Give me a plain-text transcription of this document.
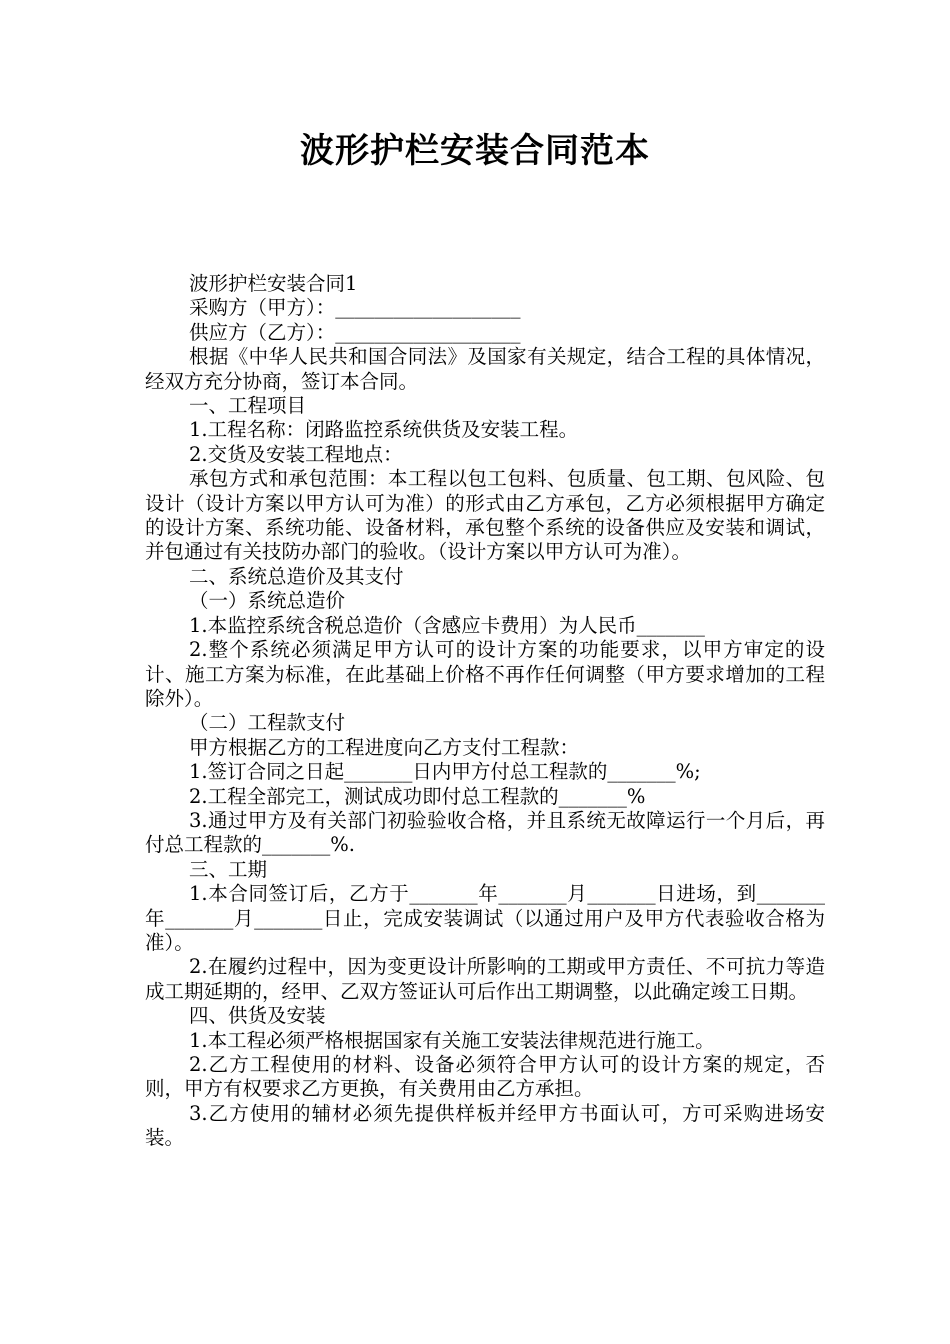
波形护栏安装合同范本

波形护栏安装合同1

采购方（甲方）：___________________

供应方（乙方）：___________________

根据《中华人民共和国合同法》及国家有关规定，结合工程的具体情况，经双方充分协商，签订本合同。

一、工程项目

1.工程名称：闭路监控系统供货及安装工程。

2.交货及安装工程地点：

承包方式和承包范围：本工程以包工包料、包质量、包工期、包风险、包设计（设计方案以甲方认可为准）的形式由乙方承包，乙方必须根据甲方确定的设计方案、系统功能、设备材料，承包整个系统的设备供应及安装和调试，并包通过有关技防办部门的验收。（设计方案以甲方认可为准）。

二、系统总造价及其支付

（一）系统总造价

1.本监控系统含税总造价（含感应卡费用）为人民币_______

2.整个系统必须满足甲方认可的设计方案的功能要求，以甲方审定的设计、施工方案为标准，在此基础上价格不再作任何调整（甲方要求增加的工程除外）。

（二）工程款支付

甲方根据乙方的工程进度向乙方支付工程款：

1.签订合同之日起_______日内甲方付总工程款的_______%;

2.工程全部完工，测试成功即付总工程款的_______%

3.通过甲方及有关部门初验验收合格，并且系统无故障运行一个月后，再付总工程款的_______%.

三、工期

1.本合同签订后，乙方于_______年_______月_______日进场，到_______年_______月_______日止，完成安装调试（以通过用户及甲方代表验收合格为准）。

2.在履约过程中，因为变更设计所影响的工期或甲方责任、不可抗力等造成工期延期的，经甲、乙双方签证认可后作出工期调整，以此确定竣工日期。

四、供货及安装

1.本工程必须严格根据国家有关施工安装法律规范进行施工。

2.乙方工程使用的材料、设备必须符合甲方认可的设计方案的规定，否则，甲方有权要求乙方更换，有关费用由乙方承担。

3.乙方使用的辅材必须先提供样板并经甲方书面认可，方可采购进场安装。
